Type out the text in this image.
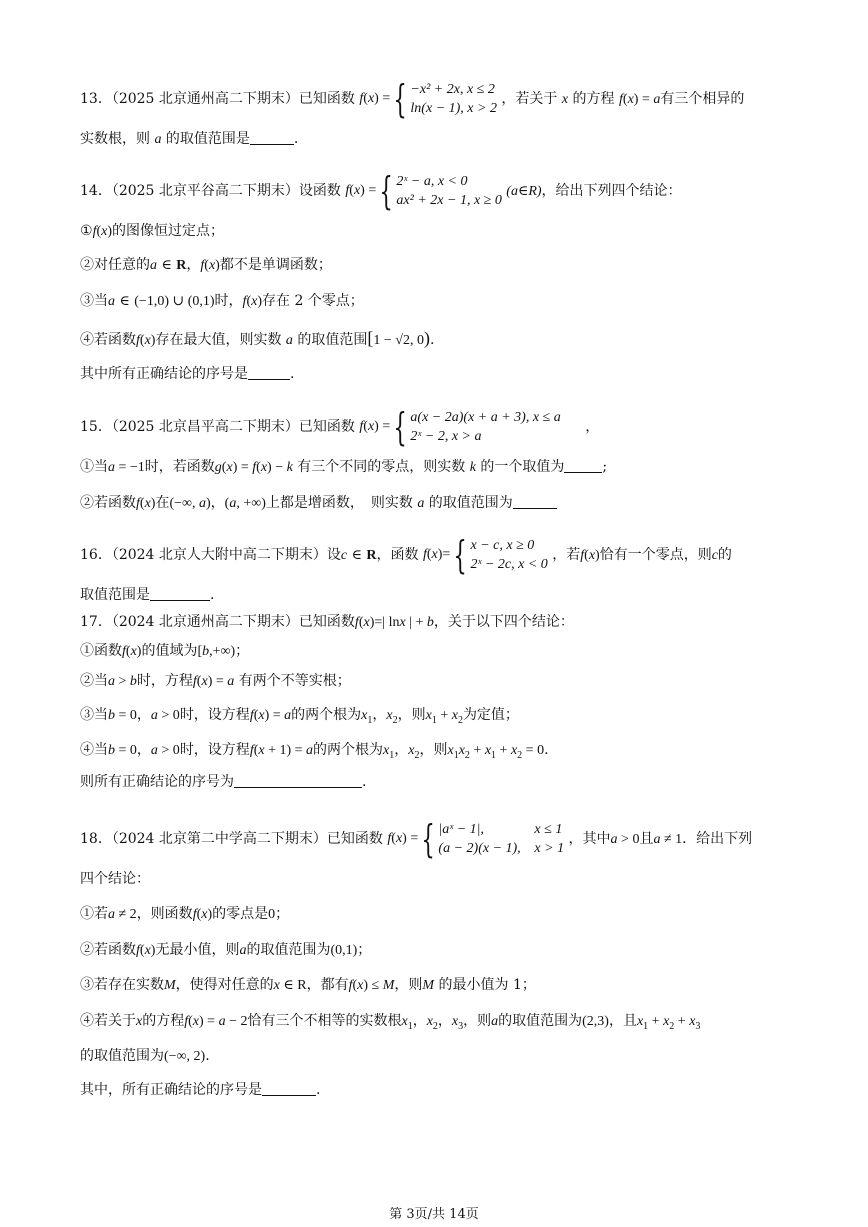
13．（2025 北京通州高二下期末）已知函数 f ( x ) = { −x² + 2x, x ≤ 2
ln(x − 1), x > 2
，若关于 x 的方程 f(x) = a有三个相异的
实数根，则 a 的取值范围是	.
14．（2025 北京平谷高二下期末）设函数 f ( x ) = { 2ˣ − a, x < 0
ax² + 2x − 1, x ≥ 0
(a∈R)，给出下列四个结论：
①f(x)的图像恒过定点；
②对任意的a ∈ R，f(x)都不是单调函数；
③当a ∈ (−1,0) ∪ (0,1)时，f(x)存在 2 个零点；
④若函数f(x)存在最大值，则实数 a 的取值范围[1 − √2, 0).
其中所有正确结论的序号是	.
15．（2025 北京昌平高二下期末）已知函数 f ( x ) = { a(x − 2a)(x + a + 3), x ≤ a
2ˣ − 2, x > a
，
①当a = −1时，若函数g(x) = f(x) − k 有三个不同的零点，则实数 k 的一个取值为	;
②若函数f(x)在(−∞, a)，(a, +∞)上都是增函数，　则实数 a 的取值范围为
16．（2024 北京人大附中高二下期末）设c ∈ R，函数 f ( x )= { x − c, x ≥ 0
2ˣ − 2c, x < 0
，若f(x)恰有一个零点，则c的
取值范围是	.
17．（2024 北京通州高二下期末）已知函数f(x)=| lnx | + b，关于以下四个结论：
①函数f(x)的值域为[b,+∞)；
②当a > b时，方程f(x) = a 有两个不等实根；
③当b = 0，a > 0时，设方程f(x) = a的两个根为$x_1$，$x_2$，则$x_1 + x_2$为定值；
④当b = 0，a > 0时，设方程f(x + 1) = a的两个根为$x_1$，$x_2$，则$x_1x_2 + x_1 + x_2 = 0$.
则所有正确结论的序号为	.
18．（2024 北京第二中学高二下期末）已知函数 f ( x ) = { |aˣ − 1|,	x ≤ 1
(a − 2)(x − 1), x > 1
，其中a > 0且a ≠ 1．给出下列
四个结论：
①若a ≠ 2，则函数f(x)的零点是0；
②若函数f(x)无最小值，则a的取值范围为(0,1)；
③若存在实数M，使得对任意的x ∈ R，都有f(x) ≤ M，则M 的最小值为 1；
④若关于x的方程f(x) = a − 2恰有三个不相等的实数根$x_1$，$x_2$，$x_3$，则a的取值范围为(2,3)，且$x_1 + x_2 + x_3$
的取值范围为(−∞, 2).
其中，所有正确结论的序号是	.
第 3页/共 14页
